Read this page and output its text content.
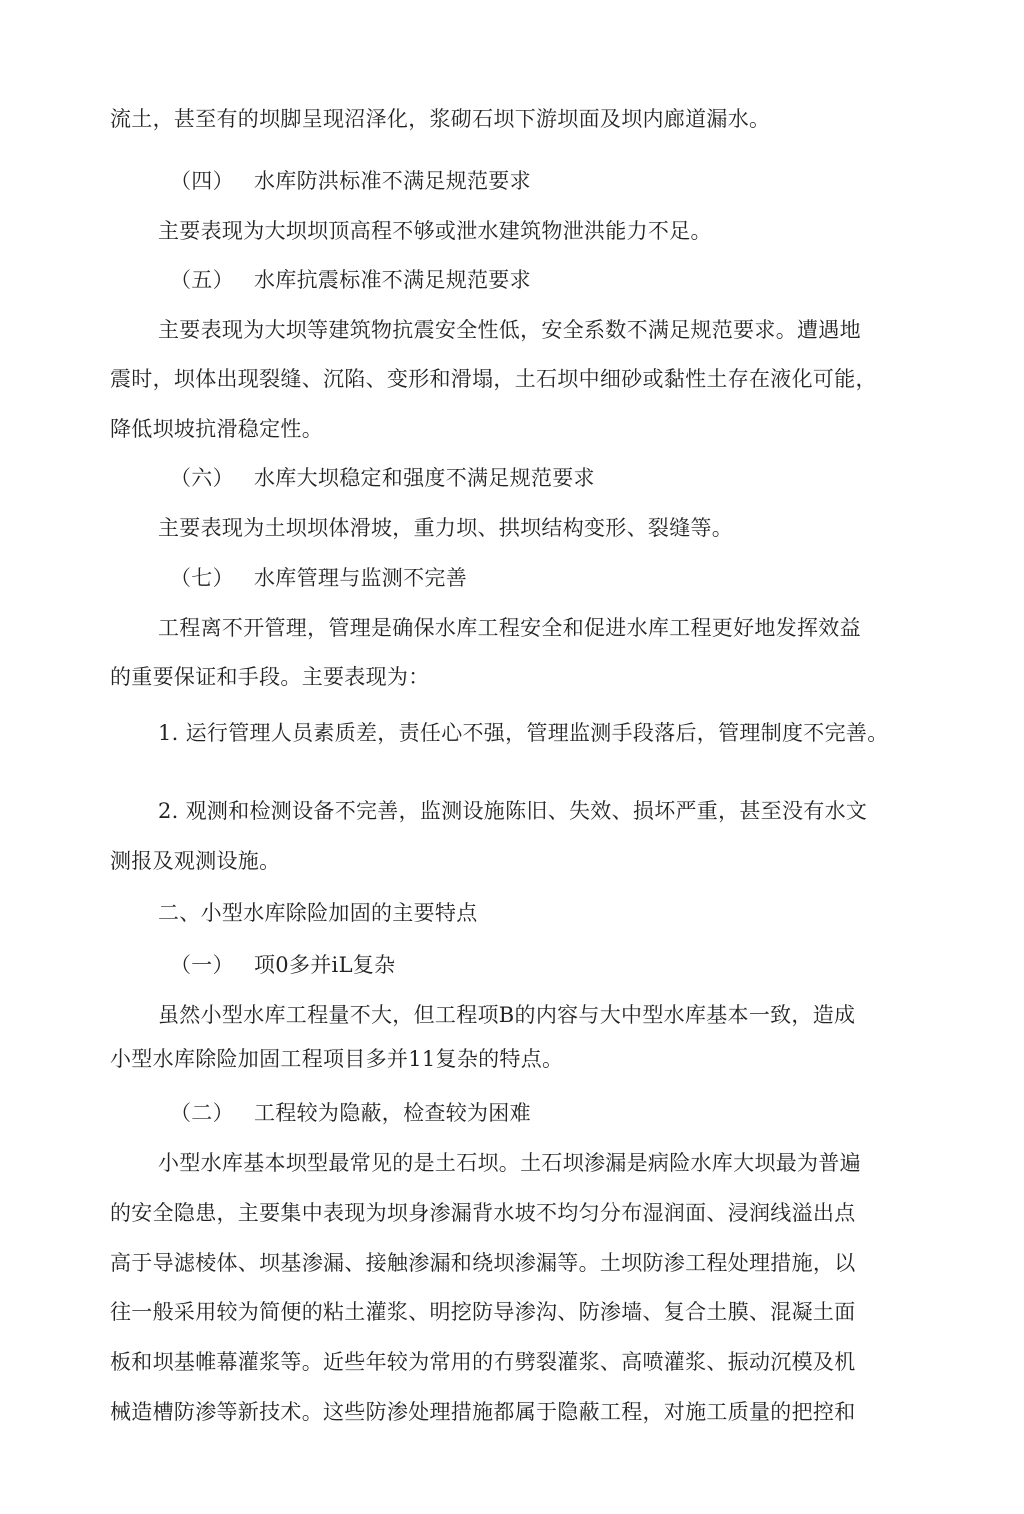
流土，甚至有的坝脚呈现沼泽化，浆砌石坝下游坝面及坝内廊道漏水。
（四） 水库防洪标准不满足规范要求
主要表现为大坝坝顶高程不够或泄水建筑物泄洪能力不足。
（五） 水库抗震标准不满足规范要求
主要表现为大坝等建筑物抗震安全性低，安全系数不满足规范要求。遭遇地
震时，坝体出现裂缝、沉陷、变形和滑塌，土石坝中细砂或黏性土存在液化可能，
降低坝坡抗滑稳定性。
（六） 水库大坝稳定和强度不满足规范要求
主要表现为土坝坝体滑坡，重力坝、拱坝结构变形、裂缝等。
（七） 水库管理与监测不完善
工程离不开管理，管理是确保水库工程安全和促进水库工程更好地发挥效益
的重要保证和手段。主要表现为：
1. 运行管理人员素质差，责任心不强，管理监测手段落后，管理制度不完善。
2. 观测和检测设备不完善，监测设施陈旧、失效、损坏严重，甚至没有水文
测报及观测设施。
二、小型水库除险加固的主要特点
（一） 项0多并iL复杂
虽然小型水库工程量不大，但工程项B的内容与大中型水库基本一致，造成
小型水库除险加固工程项目多并11复杂的特点。
（二） 工程较为隐蔽，检查较为困难
小型水库基本坝型最常见的是土石坝。土石坝渗漏是病险水库大坝最为普遍
的安全隐患，主要集中表现为坝身渗漏背水坡不均匀分布湿润面、浸润线溢出点
高于导滤棱体、坝基渗漏、接触渗漏和绕坝渗漏等。土坝防渗工程处理措施，以
往一般采用较为简便的粘土灌浆、明挖防导渗沟、防渗墙、复合土膜、混凝土面
板和坝基帷幕灌浆等。近些年较为常用的冇劈裂灌浆、高喷灌浆、振动沉模及机
械造槽防渗等新技术。这些防渗处理措施都属于隐蔽工程，对施工质量的把控和
